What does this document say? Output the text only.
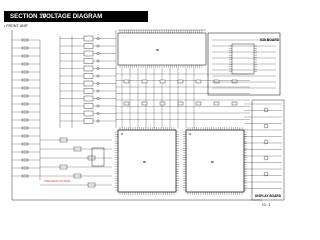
SECTION 10

VOLTAGE DIAGRAM

• FRONT UNIT
ICB BOARD
DISPLAY BOARD
IC
IC	IC
SPECIFIED VOLTAGE
10 - 1
